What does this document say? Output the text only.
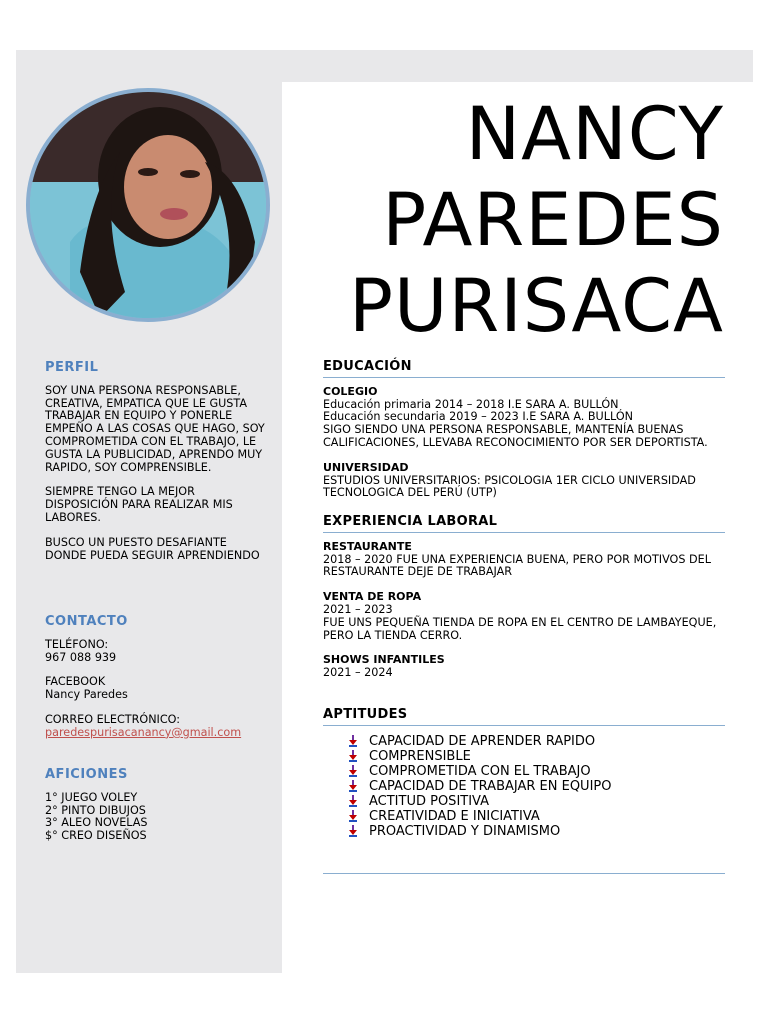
NANCY
PAREDES
PURISACA
PERFIL

SOY UNA PERSONA RESPONSABLE, CREATIVA, EMPATICA QUE LE GUSTA TRABAJAR EN EQUIPO Y PONERLE EMPEÑO A LAS COSAS QUE HAGO, SOY COMPROMETIDA CON EL TRABAJO, LE GUSTA LA PUBLICIDAD, APRENDO MUY RAPIDO, SOY COMPRENSIBLE.

SIEMPRE TENGO LA MEJOR DISPOSICIÓN PARA REALIZAR MIS LABORES.

BUSCO UN PUESTO DESAFIANTE DONDE PUEDA SEGUIR APRENDIENDO

CONTACTO

TELÉFONO:
967 088 939

FACEBOOK
Nancy Paredes

CORREO ELECTRÓNICO:
paredespurisacanancy@gmail.com

AFICIONES
1° JUEGO VOLEY
2° PINTO DIBUJOS
3° ALEO NOVELAS
$° CREO DISEÑOS
EDUCACIÓN
COLEGIO
Educación primaria 2014 – 2018 I.E SARA A. BULLÓN
Educación secundaria 2019 – 2023 I.E SARA A. BULLÓN
SIGO SIENDO UNA PERSONA RESPONSABLE, MANTENÍA BUENAS CALIFICACIONES, LLEVABA RECONOCIMIENTO POR SER DEPORTISTA.
UNIVERSIDAD
ESTUDIOS UNIVERSITARIOS: PSICOLOGIA 1ER CICLO UNIVERSIDAD TECNOLOGICA DEL PERÚ (UTP)
EXPERIENCIA LABORAL
RESTAURANTE
2018 – 2020 FUE UNA EXPERIENCIA BUENA, PERO POR MOTIVOS DEL RESTAURANTE DEJE DE TRABAJAR
VENTA DE ROPA
2021 – 2023
FUE UNS PEQUEÑA TIENDA DE ROPA EN EL CENTRO DE LAMBAYEQUE, PERO LA TIENDA CERRO.
SHOWS INFANTILES
2021 – 2024
APTITUDES
CAPACIDAD DE APRENDER RAPIDO
COMPRENSIBLE
COMPROMETIDA CON EL TRABAJO
CAPACIDAD DE TRABAJAR EN EQUIPO
ACTITUD POSITIVA
CREATIVIDAD E INICIATIVA
PROACTIVIDAD Y DINAMISMO
